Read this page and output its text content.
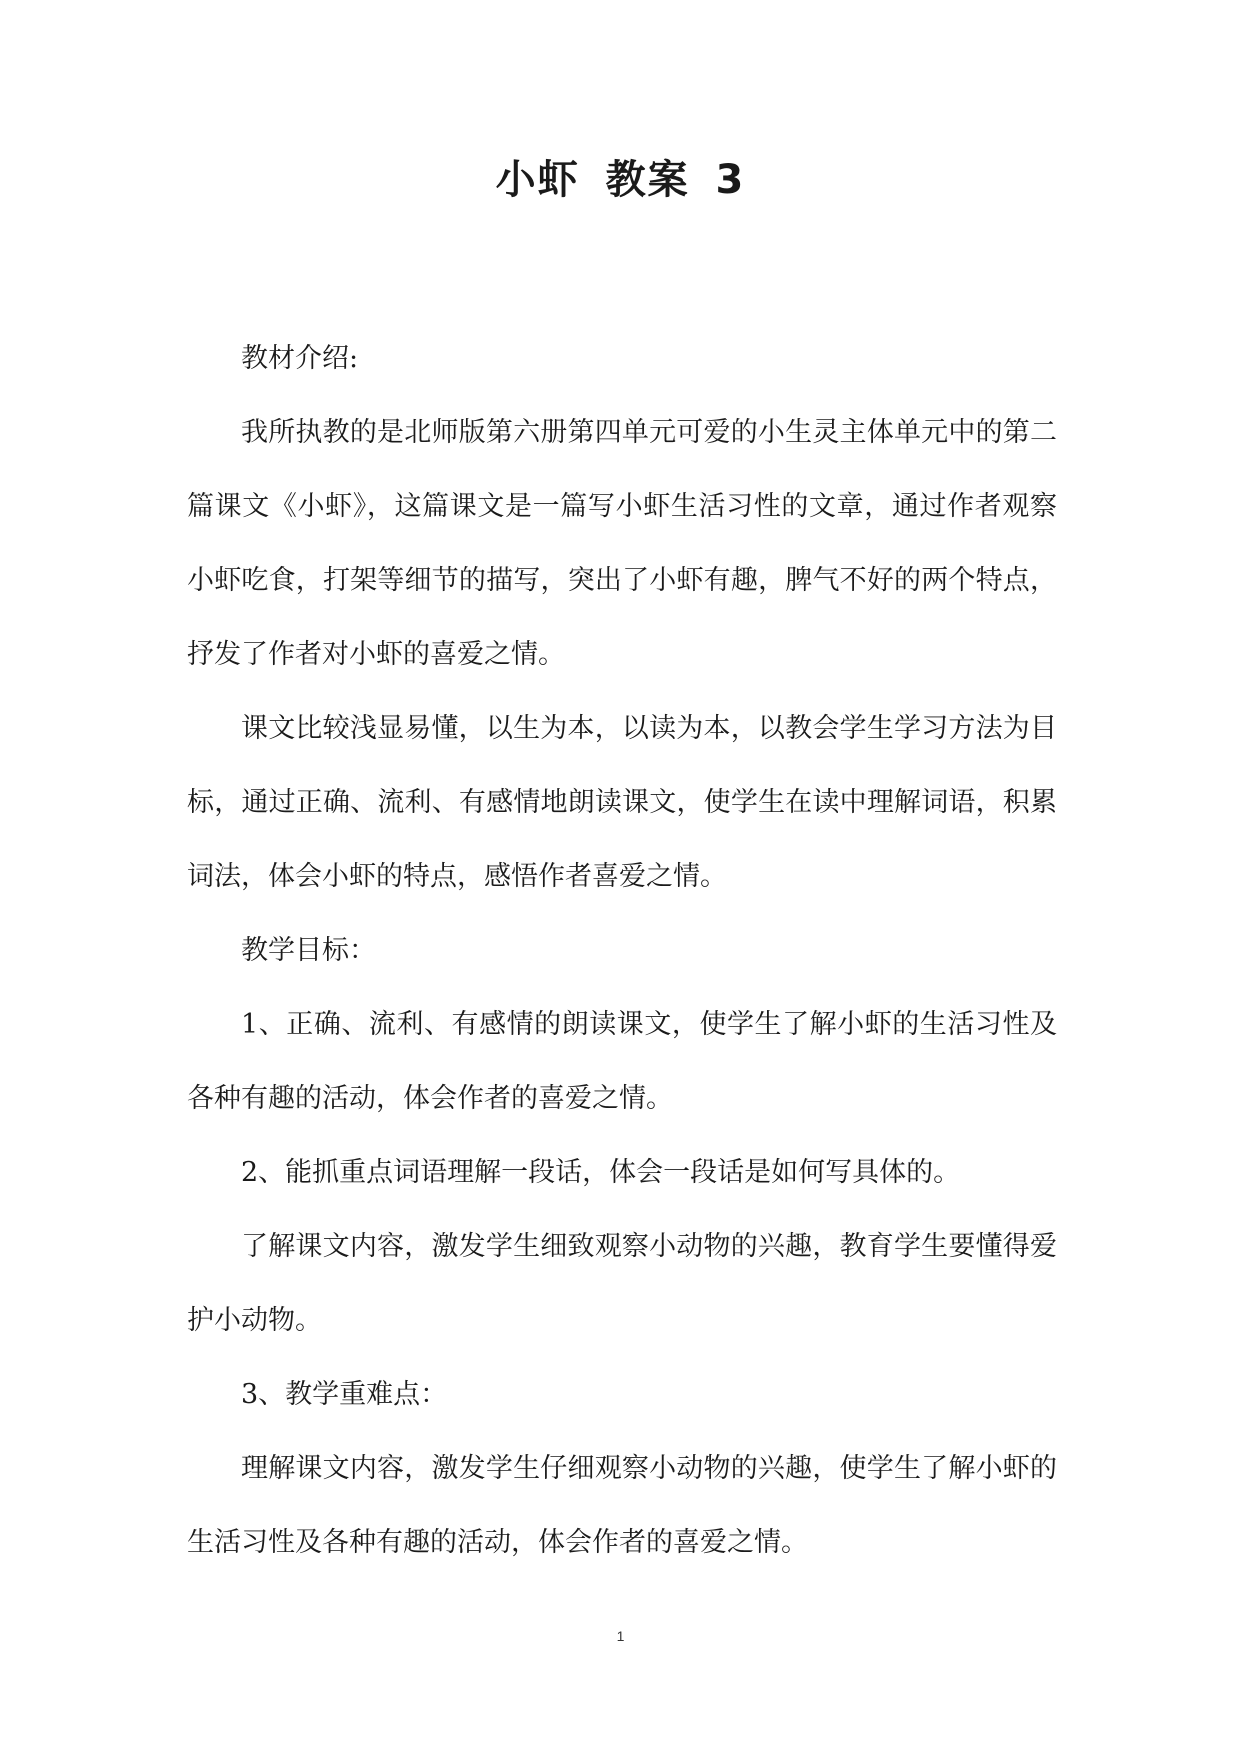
小虾 教案 3

教材介绍:

我所执教的是北师版第六册第四单元可爱的小生灵主体单元中的第二篇课文《小虾》，这篇课文是一篇写小虾生活习性的文章，通过作者观察小虾吃食，打架等细节的描写，突出了小虾有趣，脾气不好的两个特点，抒发了作者对小虾的喜爱之情。

课文比较浅显易懂，以生为本，以读为本，以教会学生学习方法为目标，通过正确、流利、有感情地朗读课文，使学生在读中理解词语，积累词法，体会小虾的特点，感悟作者喜爱之情。

教学目标：

1、正确、流利、有感情的朗读课文，使学生了解小虾的生活习性及各种有趣的活动，体会作者的喜爱之情。

2、能抓重点词语理解一段话，体会一段话是如何写具体的。

了解课文内容，激发学生细致观察小动物的兴趣，教育学生要懂得爱护小动物。

3、教学重难点：

理解课文内容，激发学生仔细观察小动物的兴趣，使学生了解小虾的生活习性及各种有趣的活动，体会作者的喜爱之情。

1
